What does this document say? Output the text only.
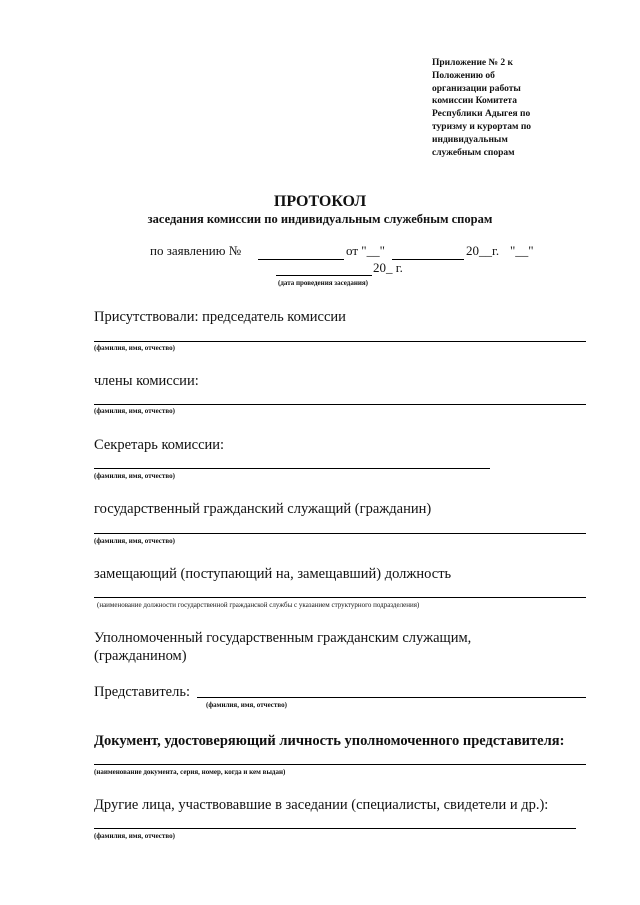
Приложение № 2 к
Положению об
организации работы
комиссии Комитета
Республики Адыгея по
туризму и курортам по
индивидуальным
служебным спорам
ПРОТОКОЛ
заседания комиссии по индивидуальным служебным спорам
по заявлению №	от "__"	20__г. "__"
20_ г.
(дата проведения заседания)
Присутствовали: председатель комиссии
(фамилия, имя, отчество)
члены комиссии:
(фамилия, имя, отчество)
Секретарь комиссии:
(фамилия, имя, отчество)
государственный гражданский служащий (гражданин)
(фамилия, имя, отчество)
замещающий (поступающий на, замещавший) должность
(наименование должности государственной гражданской службы с указанием структурного подразделения)
Уполномоченный государственным гражданским служащим,
(гражданином)
Представитель:
(фамилия, имя, отчество)
Документ, удостоверяющий личность уполномоченного представителя:
(наименование документа, серия, номер, когда и кем выдан)
Другие лица, участвовавшие в заседании (специалисты, свидетели и др.):
(фамилия, имя, отчество)
